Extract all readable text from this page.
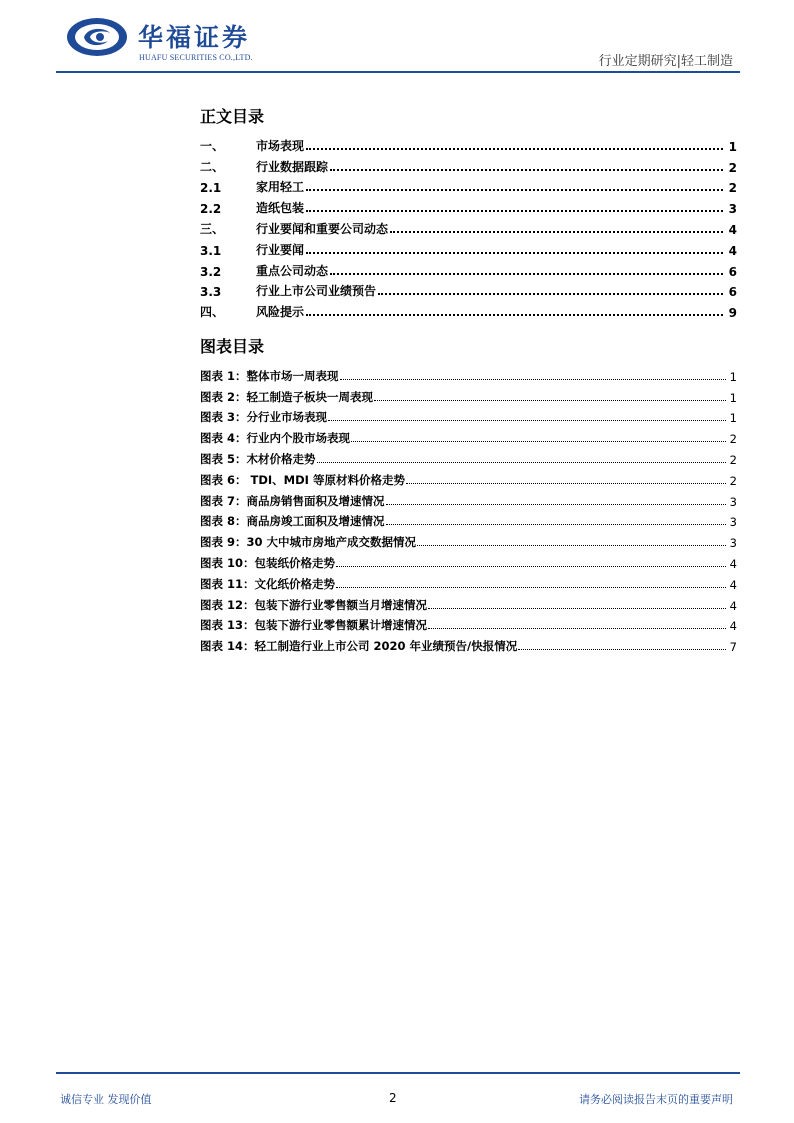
华福证券
HUAFU SECURITIES CO.,LTD.	行业定期研究|轻工制造
正文目录
一、	市场表现	1
二、	行业数据跟踪	2
2.1	家用轻工	2
2.2	造纸包装	3
三、	行业要闻和重要公司动态	4
3.1	行业要闻	4
3.2	重点公司动态	6
3.3	行业上市公司业绩预告	6
四、	风险提示	9
图表目录
图表 1：整体市场一周表现	1
图表 2：轻工制造子板块一周表现	1
图表 3：分行业市场表现	1
图表 4：行业内个股市场表现	2
图表 5：木材价格走势	2
图表 6： TDI、MDI 等原材料价格走势	2
图表 7：商品房销售面积及增速情况	3
图表 8：商品房竣工面积及增速情况	3
图表 9：30 大中城市房地产成交数据情况	3
图表 10：包装纸价格走势	4
图表 11：文化纸价格走势	4
图表 12：包装下游行业零售额当月增速情况	4
图表 13：包装下游行业零售额累计增速情况	4
图表 14：轻工制造行业上市公司 2020 年业绩预告/快报情况	7
诚信专业 发现价值	2	请务必阅读报告末页的重要声明
